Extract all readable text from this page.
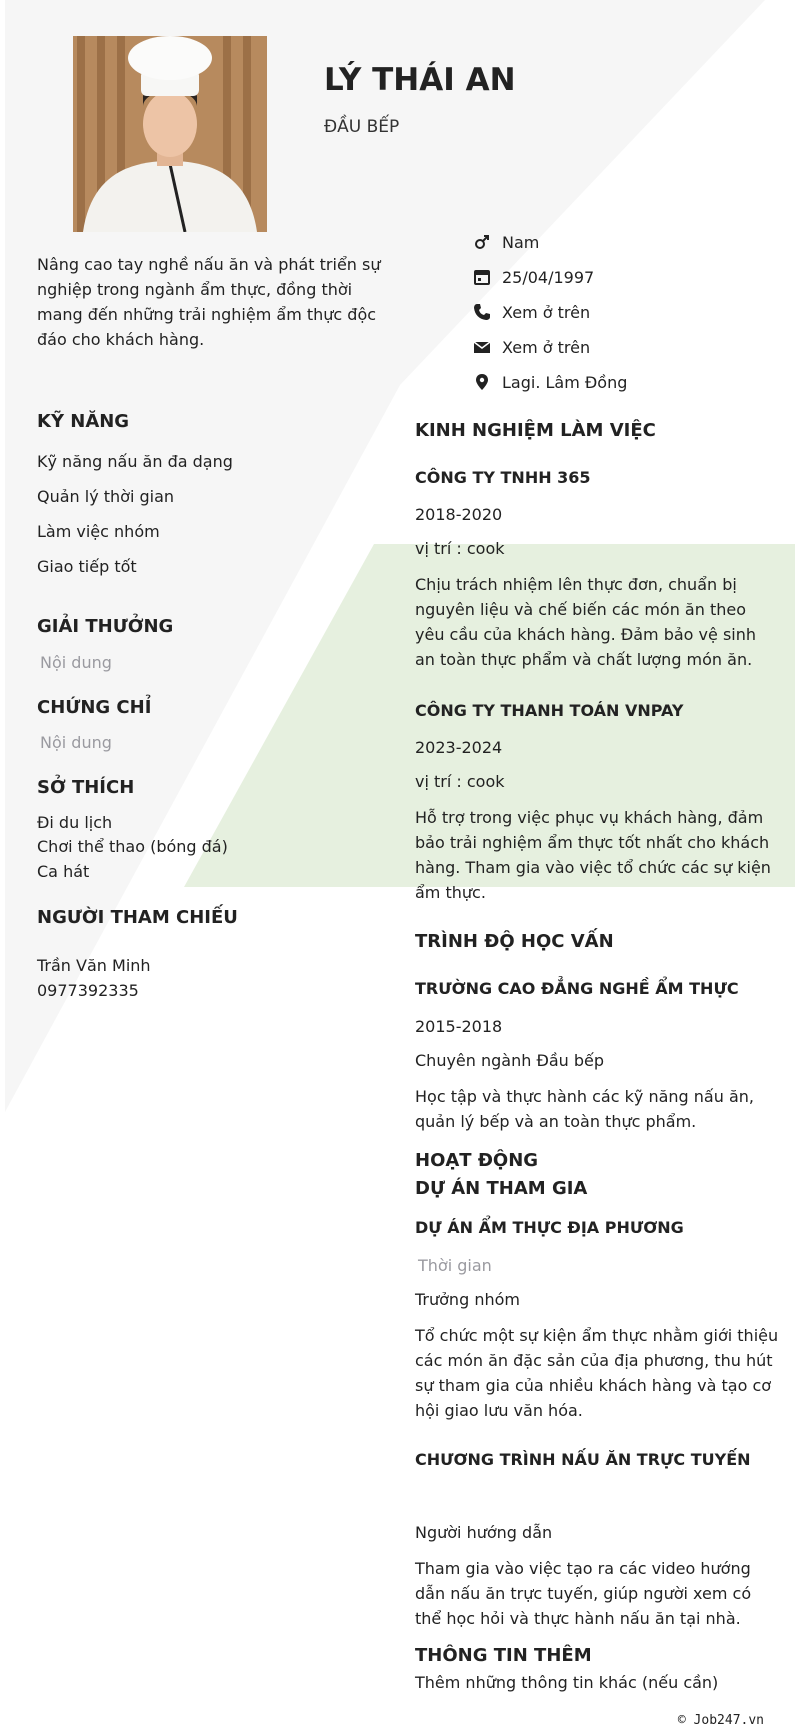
LÝ THÁI AN
ĐẦU BẾP
Nâng cao tay nghề nấu ăn và phát triển sự nghiệp trong ngành ẩm thực, đồng thời mang đến những trải nghiệm ẩm thực độc đáo cho khách hàng.
Nam
25/04/1997
Xem ở trên
Xem ở trên
Lagi. Lâm Đồng
KỸ NĂNG
Kỹ năng nấu ăn đa dạng
Quản lý thời gian
Làm việc nhóm
Giao tiếp tốt
GIẢI THƯỞNG
Nội dung
CHỨNG CHỈ
Nội dung
SỞ THÍCH
Đi du lịch
Chơi thể thao (bóng đá)
Ca hát
NGƯỜI THAM CHIẾU
Trần Văn Minh
0977392335
KINH NGHIỆM LÀM VIỆC
CÔNG TY TNHH 365
2018-2020
vị trí : cook
Chịu trách nhiệm lên thực đơn, chuẩn bị nguyên liệu và chế biến các món ăn theo yêu cầu của khách hàng. Đảm bảo vệ sinh an toàn thực phẩm và chất lượng món ăn.
CÔNG TY THANH TOÁN VNPAY
2023-2024
vị trí : cook
Hỗ trợ trong việc phục vụ khách hàng, đảm bảo trải nghiệm ẩm thực tốt nhất cho khách hàng. Tham gia vào việc tổ chức các sự kiện ẩm thực.
TRÌNH ĐỘ HỌC VẤN
TRƯỜNG CAO ĐẲNG NGHỀ ẨM THỰC
2015-2018
Chuyên ngành Đầu bếp
Học tập và thực hành các kỹ năng nấu ăn, quản lý bếp và an toàn thực phẩm.
HOẠT ĐỘNG
DỰ ÁN THAM GIA
DỰ ÁN ẨM THỰC ĐỊA PHƯƠNG
Thời gian
Trưởng nhóm
Tổ chức một sự kiện ẩm thực nhằm giới thiệu các món ăn đặc sản của địa phương, thu hút sự tham gia của nhiều khách hàng và tạo cơ hội giao lưu văn hóa.
CHƯƠNG TRÌNH NẤU ĂN TRỰC TUYẾN
Người hướng dẫn
Tham gia vào việc tạo ra các video hướng dẫn nấu ăn trực tuyến, giúp người xem có thể học hỏi và thực hành nấu ăn tại nhà.
THÔNG TIN THÊM
Thêm những thông tin khác (nếu cần)
© Job247.vn
